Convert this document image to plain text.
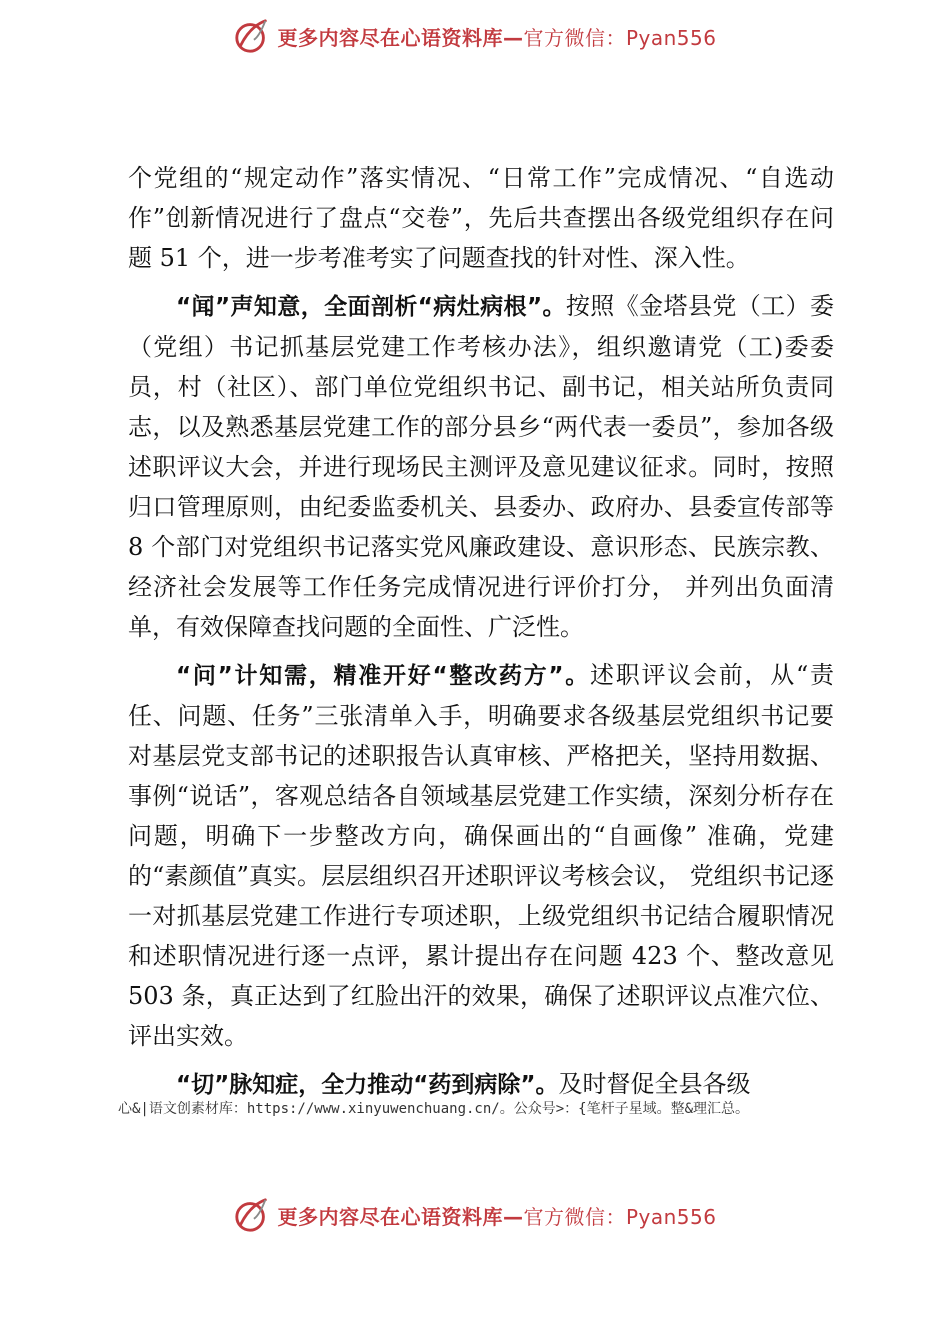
更多内容尽在心语资料库—官方微信：Pyan556

个党组的“规定动作”落实情况、“日常工作”完成情况、“自选动作”创新情况进行了盘点“交卷”，先后共查摆出各级党组织存在问题 51 个，进一步考准考实了问题查找的针对性、深入性。

“闻”声知意，全面剖析“病灶病根”。按照《金塔县党（工）委（党组）书记抓基层党建工作考核办法》，组织邀请党（工)委委员，村（社区）、部门单位党组织书记、副书记，相关站所负责同志，以及熟悉基层党建工作的部分县乡“两代表一委员”，参加各级述职评议大会，并进行现场民主测评及意见建议征求。同时，按照归口管理原则，由纪委监委机关、县委办、政府办、县委宣传部等 8 个部门对党组织书记落实党风廉政建设、意识形态、民族宗教、经济社会发展等工作任务完成情况进行评价打分， 并列出负面清单，有效保障查找问题的全面性、广泛性。

“问”计知需，精准开好“整改药方”。述职评议会前，从“责任、问题、任务”三张清单入手，明确要求各级基层党组织书记要对基层党支部书记的述职报告认真审核、严格把关，坚持用数据、事例“说话”，客观总结各自领域基层党建工作实绩，深刻分析存在问题，明确下一步整改方向，确保画出的“自画像” 准确，党建的“素颜值”真实。层层组织召开述职评议考核会议， 党组织书记逐一对抓基层党建工作进行专项述职，上级党组织书记结合履职情况和述职情况进行逐一点评，累计提出存在问题 423 个、整改意见 503 条，真正达到了红脸出汗的效果，确保了述职评议点准穴位、评出实效。

“切”脉知症，全力推动“药到病除”。及时督促全县各级

心&|语文创素材库：https://www.xinyuwenchuang.cn/。公众号>：{笔杆子星域。整&理汇总。
更多内容尽在心语资料库—官方微信：Pyan556
